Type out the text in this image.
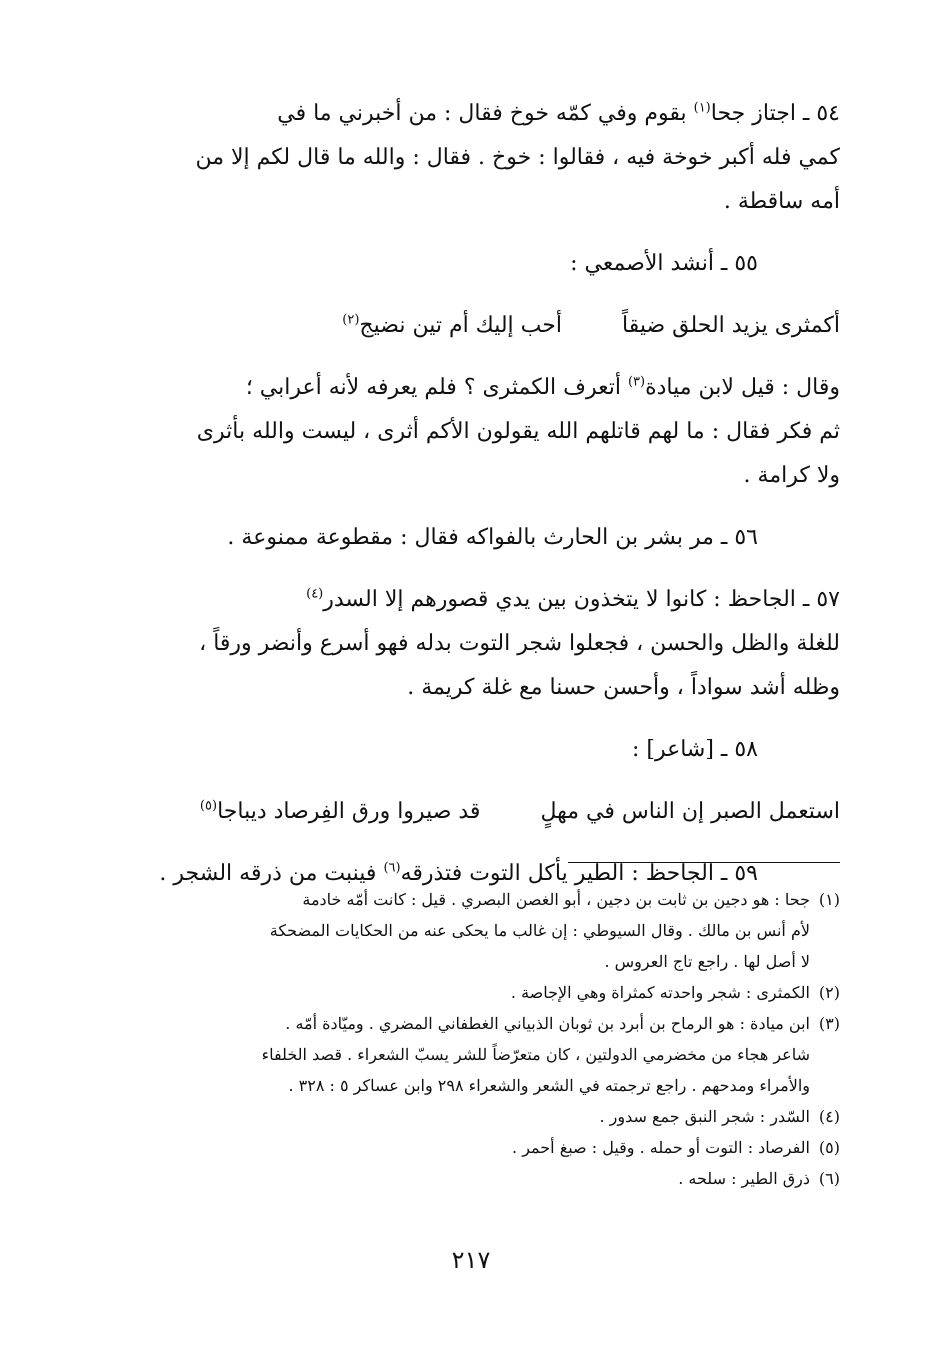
٥٤ ـ اجتاز جحا$^{(١)}$ بقوم وفي كمّه خوخ فقال : من أخبرني ما في
كمي فله أكبر خوخة فيه ، فقالوا : خوخ . فقال : والله ما قال لكم إلا من
أمه ساقطة .
٥٥ ـ أنشد الأصمعي :
أكمثرى يزيد الحلق ضيقاً
أحب إليك أم تين نضيج$^{(٢)}$
وقال : قيل لابن ميادة$^{(٣)}$ أتعرف الكمثرى ؟ فلم يعرفه لأنه أعرابي ؛
ثم فكر فقال : ما لهم قاتلهم الله يقولون الأكم أثرى ، ليست والله بأثرى
ولا كرامة .
٥٦ ـ مر بشر بن الحارث بالفواكه فقال : مقطوعة ممنوعة .
٥٧ ـ الجاحظ : كانوا لا يتخذون بين يدي قصورهم إلا السدر$^{(٤)}$
للغلة والظل والحسن ، فجعلوا شجر التوت بدله فهو أسرع وأنضر ورقاً ،
وظله أشد سواداً ، وأحسن حسنا مع غلة كريمة .
٥٨ ـ [شاعر] :
استعمل الصبر إن الناس في مهلٍ
قد صيروا ورق الفِرصاد ديباجا$^{(٥)}$
٥٩ ـ الجاحظ : الطير يأكل التوت فتذرقه$^{(٦)}$ فينبت من ذرقه الشجر .
(١)جحا : هو دجين بن ثابت بن دجين ، أبو الغصن البصري . قيل : كانت أمّه خادمة
لأم أنس بن مالك . وقال السيوطي : إن غالب ما يحكى عنه من الحكايات المضحكة
لا أصل لها . راجع تاج العروس .
(٢)الكمثرى : شجر واحدته كمثراة وهي الإجاصة .
(٣)ابن ميادة : هو الرماح بن أبرد بن ثوبان الذبياني الغطفاني المضري . وميّادة أمّه .
شاعر هجاء من مخضرمي الدولتين ، كان متعرّضاً للشر يسبّ الشعراء . قصد الخلفاء
والأمراء ومدحهم . راجع ترجمته في الشعر والشعراء ٢٩٨ وابن عساكر ٥ : ٣٢٨ .
(٤)السّدر : شجر النبق جمع سدور .
(٥)الفرصاد : التوت أو حمله . وقيل : صبغ أحمر .
(٦)ذرق الطير : سلحه .
٢١٧
